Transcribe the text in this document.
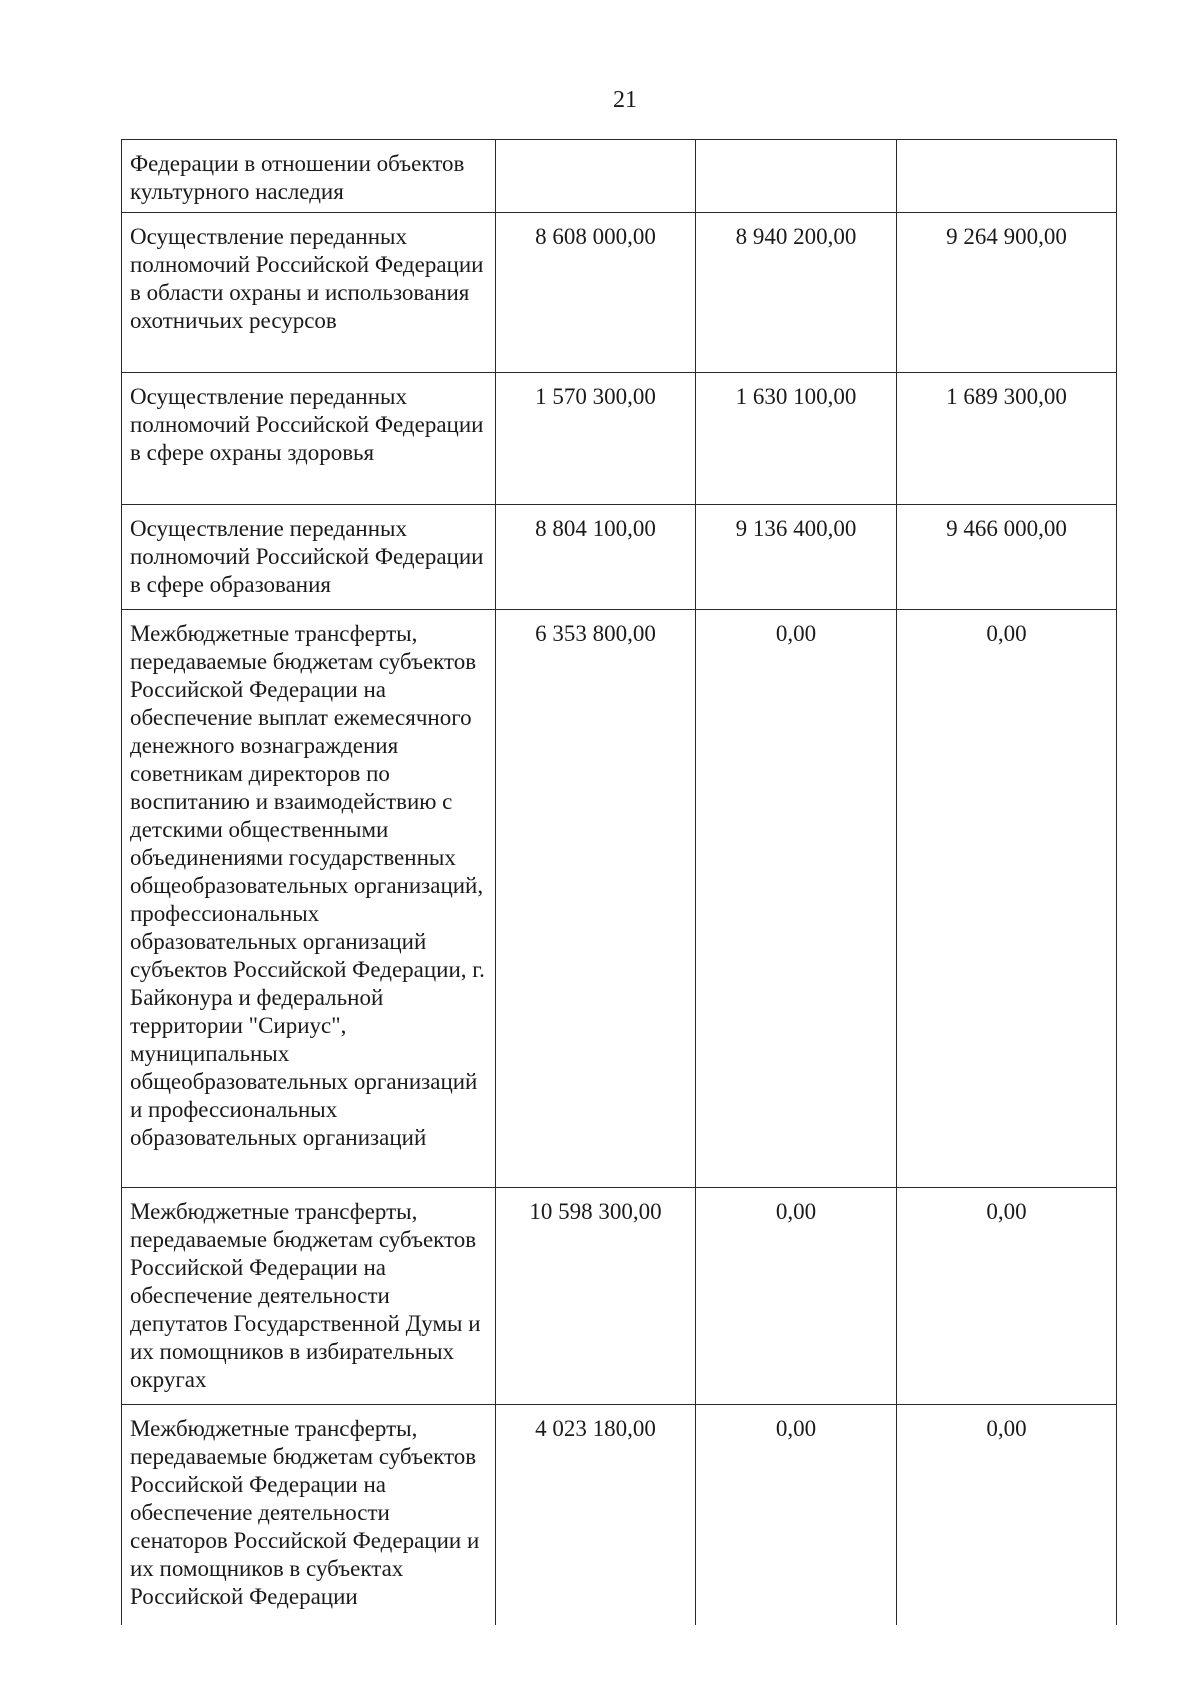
21
Федерации в отношении объектов культурного наследия			
Осуществление переданных полномочий Российской Федерации в области охраны и использования охотничьих ресурсов	8 608 000,00	8 940 200,00	9 264 900,00
Осуществление переданных полномочий Российской Федерации в сфере охраны здоровья	1 570 300,00	1 630 100,00	1 689 300,00
Осуществление переданных полномочий Российской Федерации в сфере образования	8 804 100,00	9 136 400,00	9 466 000,00
Межбюджетные трансферты, передаваемые бюджетам субъектов Российской Федерации на обеспечение выплат ежемесячного денежного вознаграждения советникам директоров по воспитанию и взаимодействию с детскими общественными объединениями государственных общеобразовательных организаций, профессиональных образовательных организаций субъектов Российской Федерации, г. Байконура и федеральной территории "Сириус", муниципальных общеобразовательных организаций и профессиональных образовательных организаций	6 353 800,00	0,00	0,00
Межбюджетные трансферты, передаваемые бюджетам субъектов Российской Федерации на обеспечение деятельности депутатов Государственной Думы и их помощников в избирательных округах	10 598 300,00	0,00	0,00
Межбюджетные трансферты, передаваемые бюджетам субъектов Российской Федерации на обеспечение деятельности сенаторов Российской Федерации и их помощников в субъектах Российской Федерации	4 023 180,00	0,00	0,00
